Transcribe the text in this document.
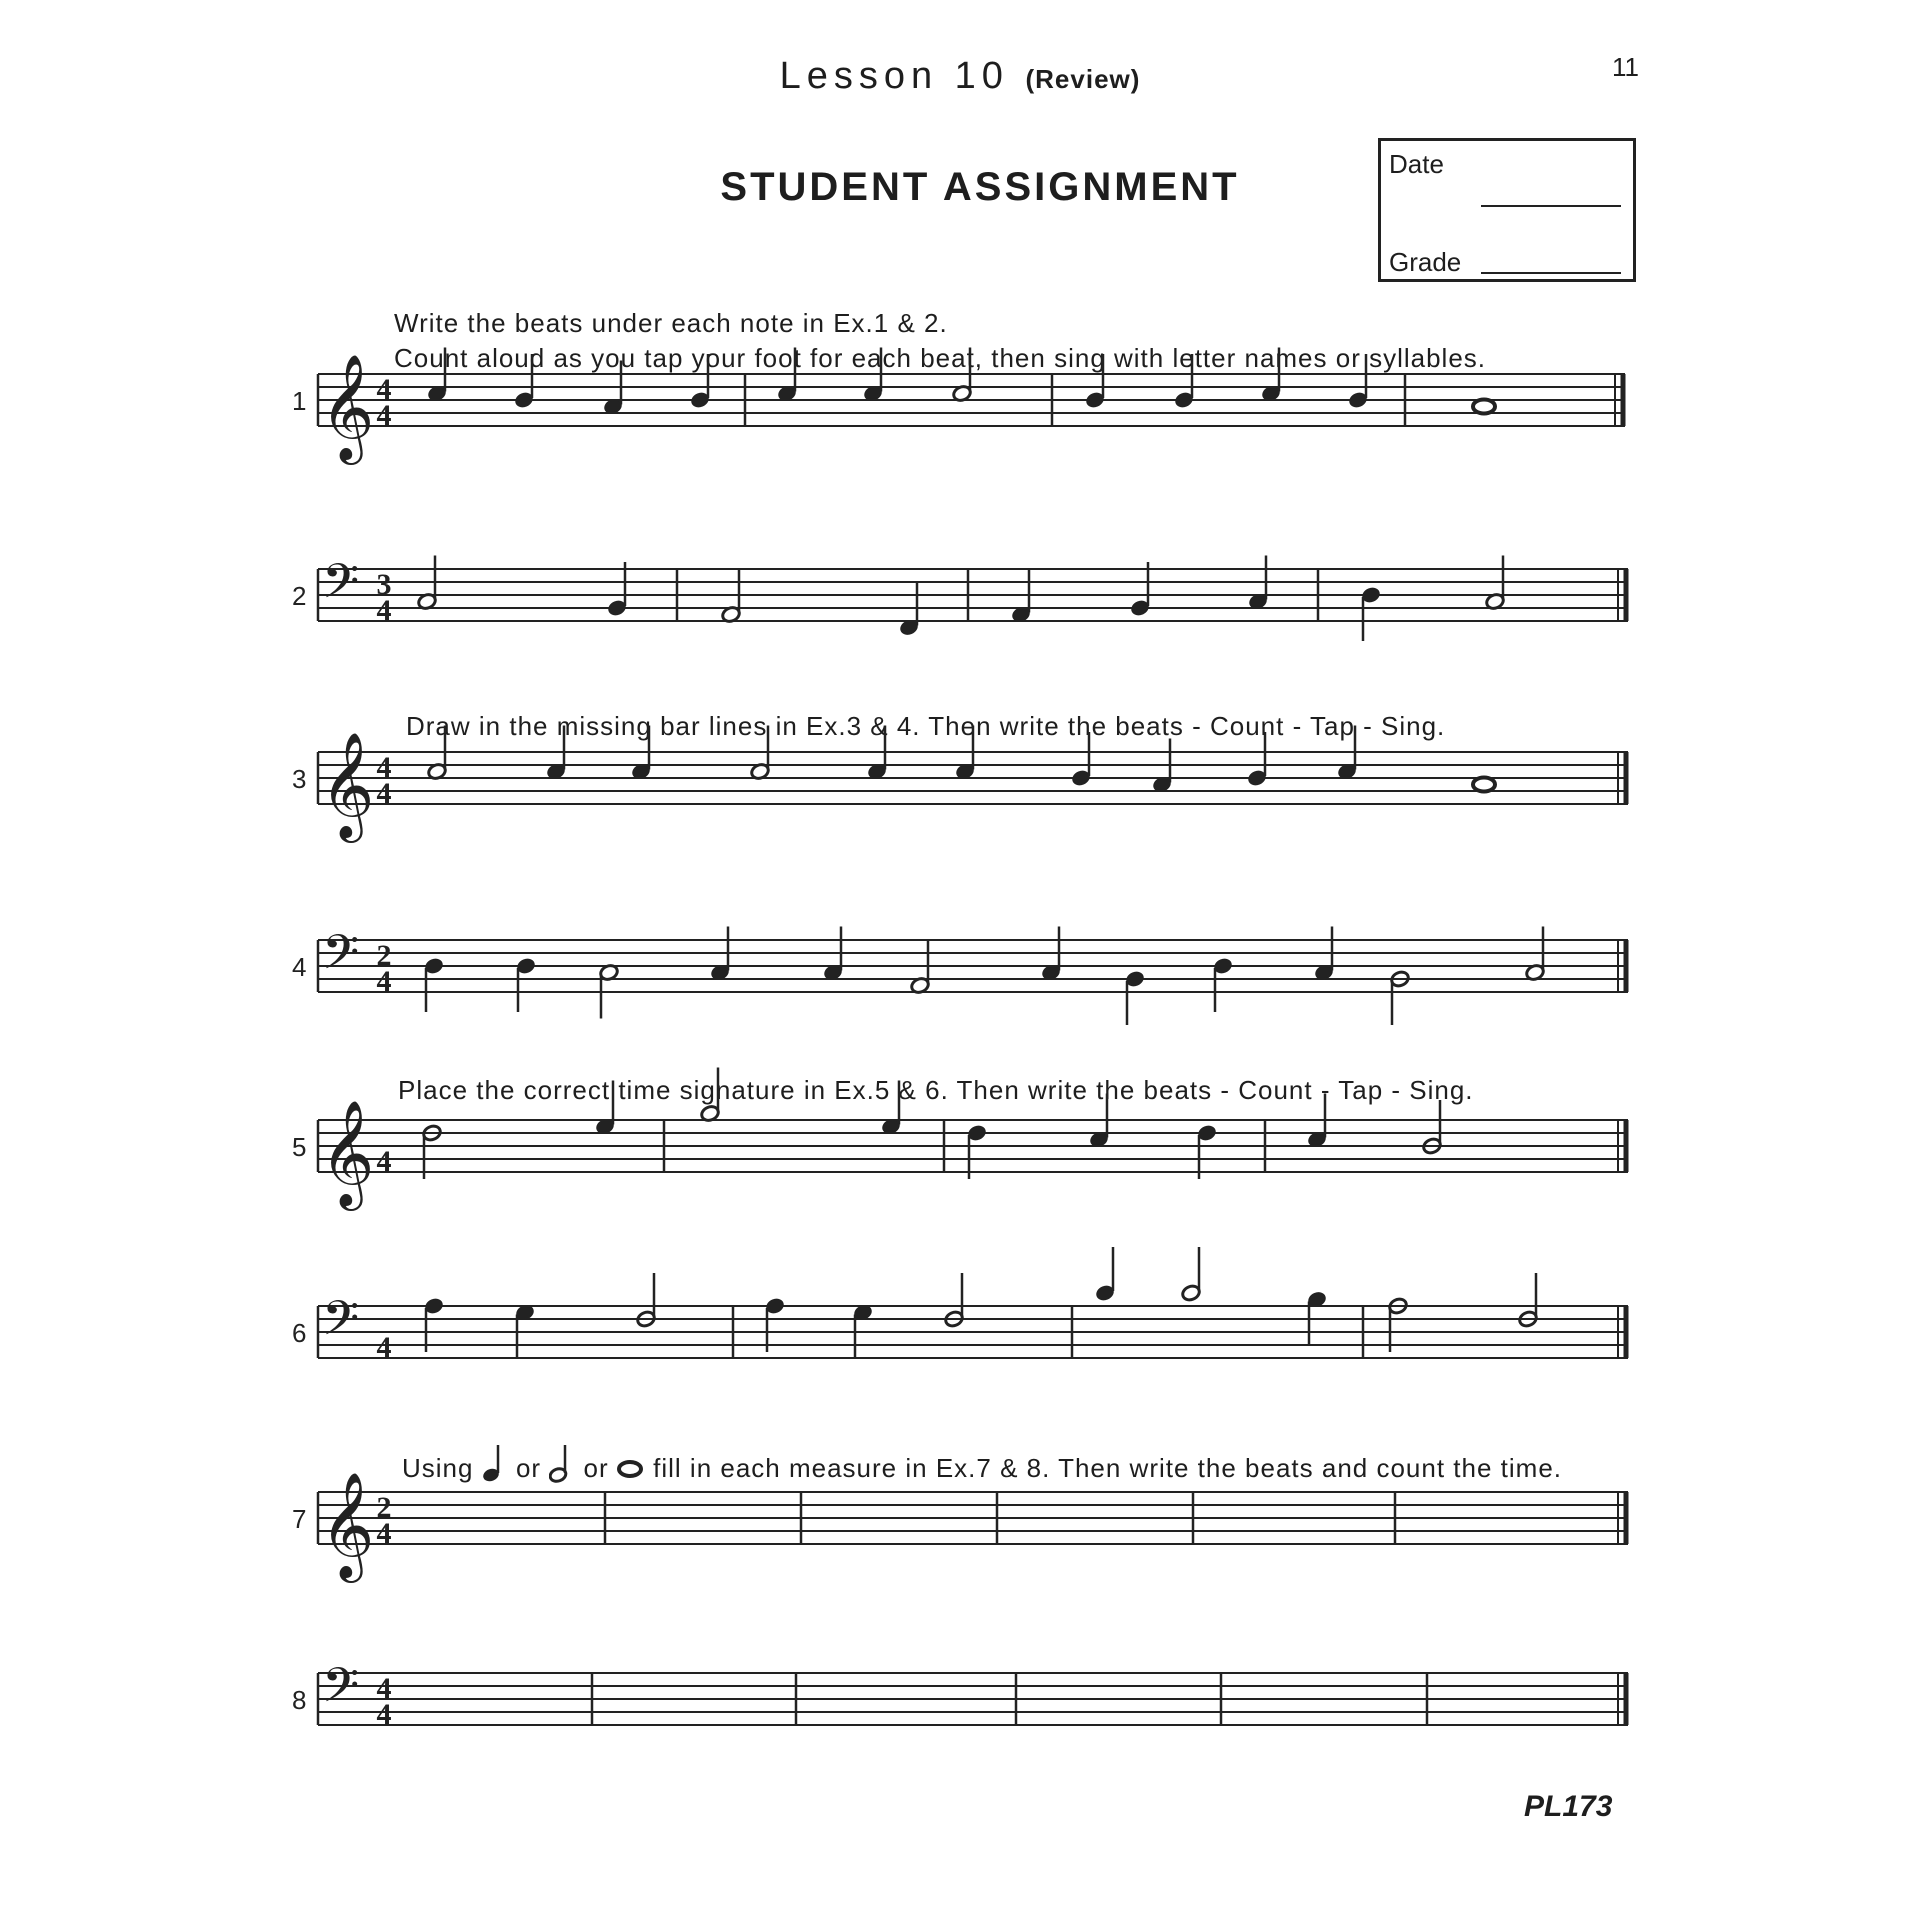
Lesson 10 (Review)	11
STUDENT ASSIGNMENT
Date
Grade
Write the beats under each note in Ex.1 & 2.
Count aloud as you tap your foot for each beat, then sing with letter names or syllables.
Draw in the missing bar lines in Ex.3 & 4. Then write the beats - Count - Tap - Sing.
Place the correct time signature in Ex.5 & 6. Then write the beats - Count - Tap - Sing.
Using or or fill in each measure in Ex.7 & 8. Then write the beats and count the time.
PL173
1 𝄞 4
4
2 𝄢 3
4
3 𝄞 4
4
4 𝄢 2
4
5 𝄞 4
6 𝄢 4
7 𝄞 2
4
8 𝄢 4
4
